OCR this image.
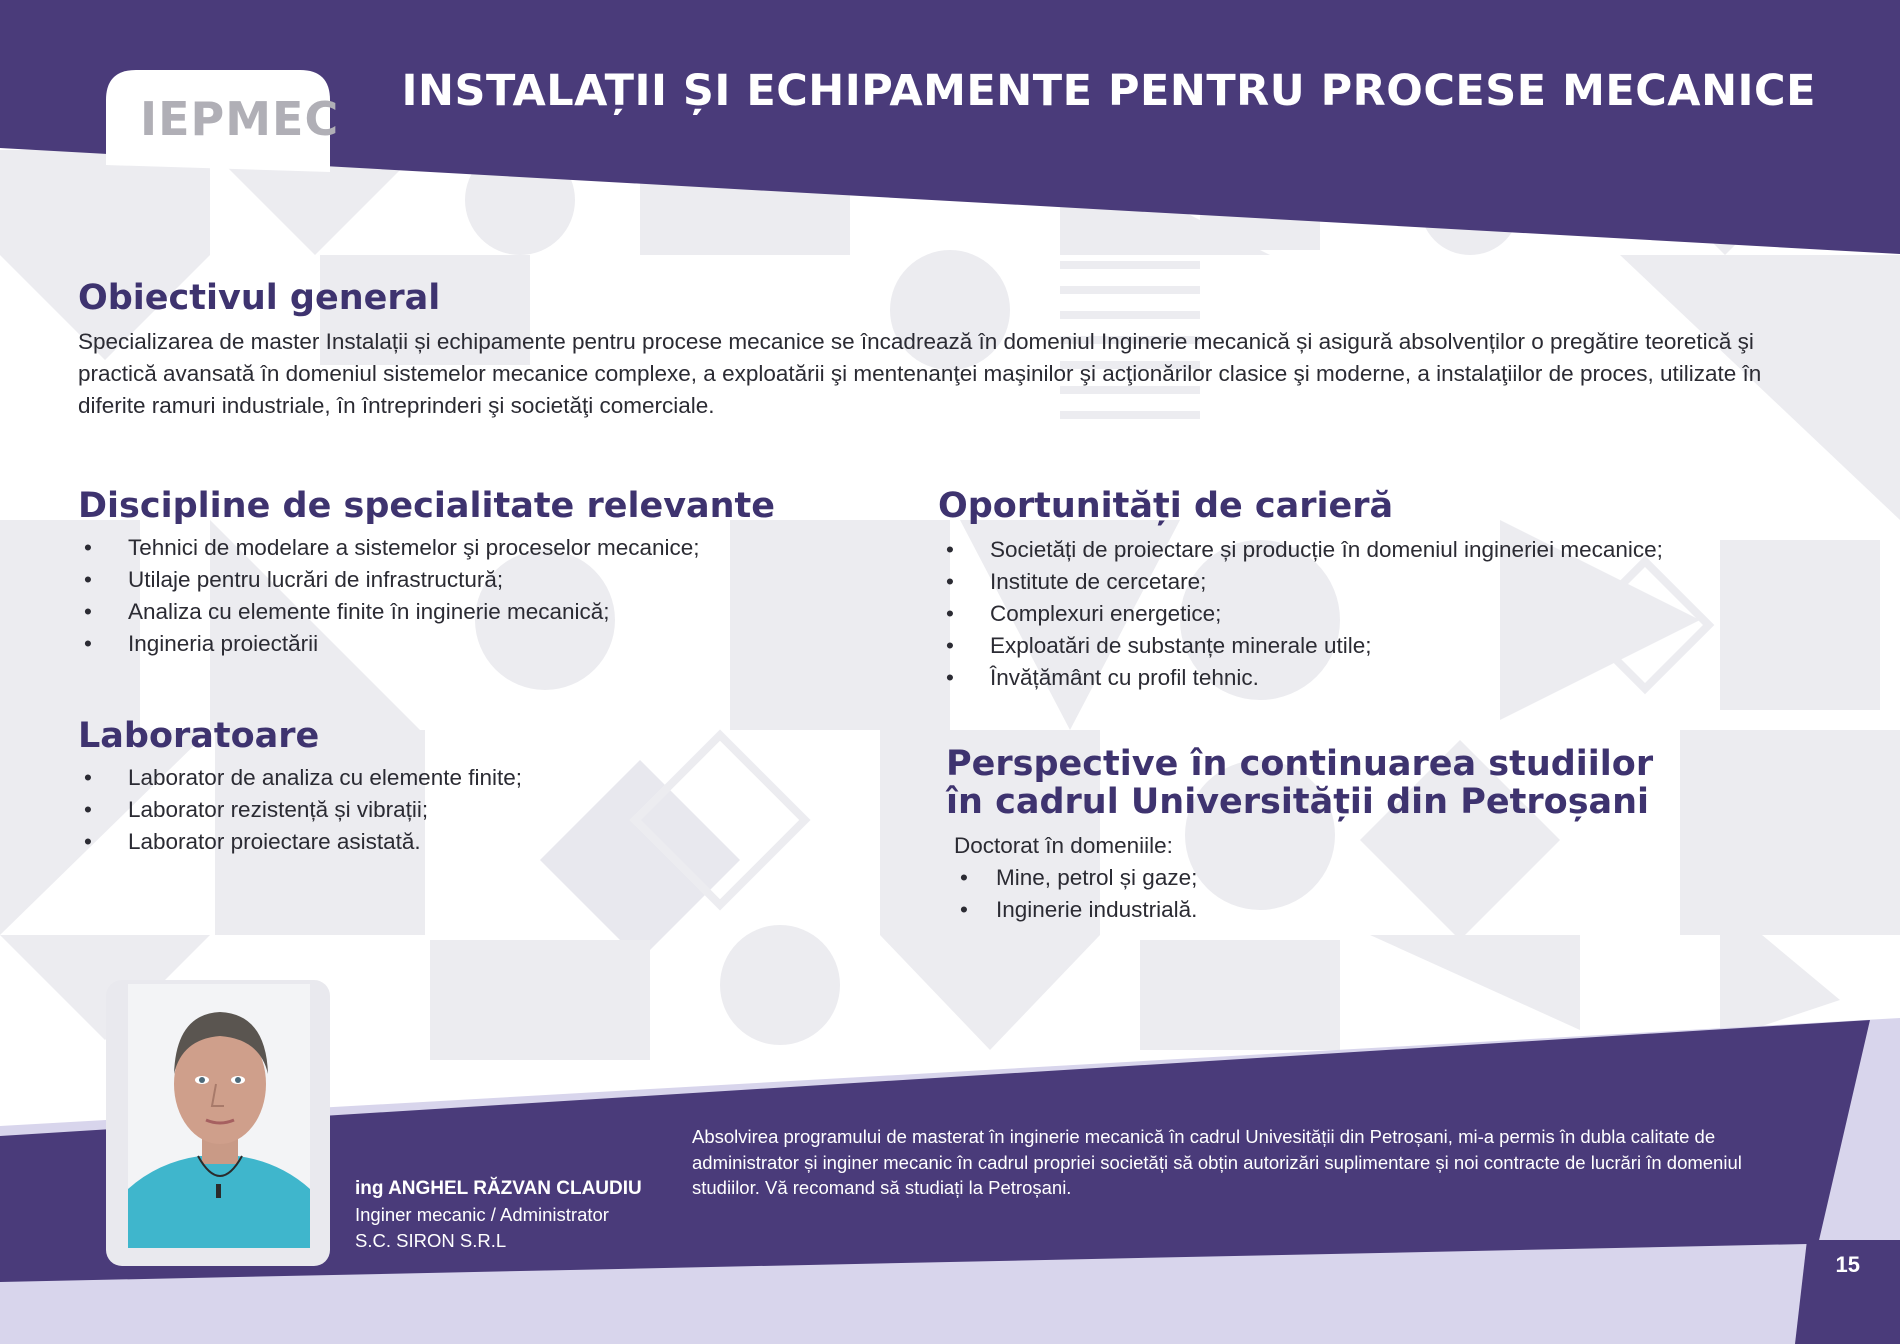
IEPMEC
INSTALAȚII ȘI ECHIPAMENTE PENTRU PROCESE MECANICE
Obiectivul general

Specializarea de master Instalații și echipamente pentru procese mecanice se încadrează în domeniul Inginerie mecanică și asigură absolvenților o pregătire teoretică şi practică avansată în domeniul sistemelor mecanice complexe, a exploatării şi mentenanţei maşinilor şi acţionărilor clasice şi moderne, a instalaţiilor de proces, utilizate în diferite ramuri industriale, în întreprinderi şi societăţi comerciale.

Discipline de specialitate relevante
• Tehnici de modelare a sistemelor şi proceselor mecanice;
• Utilaje pentru lucrări de infrastructură;
• Analiza cu elemente finite în inginerie mecanică;
• Ingineria proiectării
Laboratoare
• Laborator de analiza cu elemente finite;
• Laborator rezistență și vibrații;
• Laborator proiectare asistată.
Oportunități de carieră
• Societăți de proiectare și producție în domeniul ingineriei mecanice;
• Institute de cercetare;
• Complexuri energetice;
• Exploatări de substanțe minerale utile;
• Învățământ cu profil tehnic.
Perspective în continuarea studiilor
în cadrul Universității din Petroșani

Doctorat în domeniile:

• Mine, petrol și gaze;
• Inginerie industrială.
ing ANGHEL RĂZVAN CLAUDIU
Inginer mecanic / Administrator
S.C. SIRON S.R.L

Absolvirea programului de masterat în inginerie mecanică în cadrul Univesității din Petroșani, mi-a permis în dubla calitate de administrator și inginer mecanic în cadrul propriei societăți să obțin autorizări suplimentare și noi contracte de lucrări în domeniul studiilor. Vă recomand să studiați la Petroșani.

15
